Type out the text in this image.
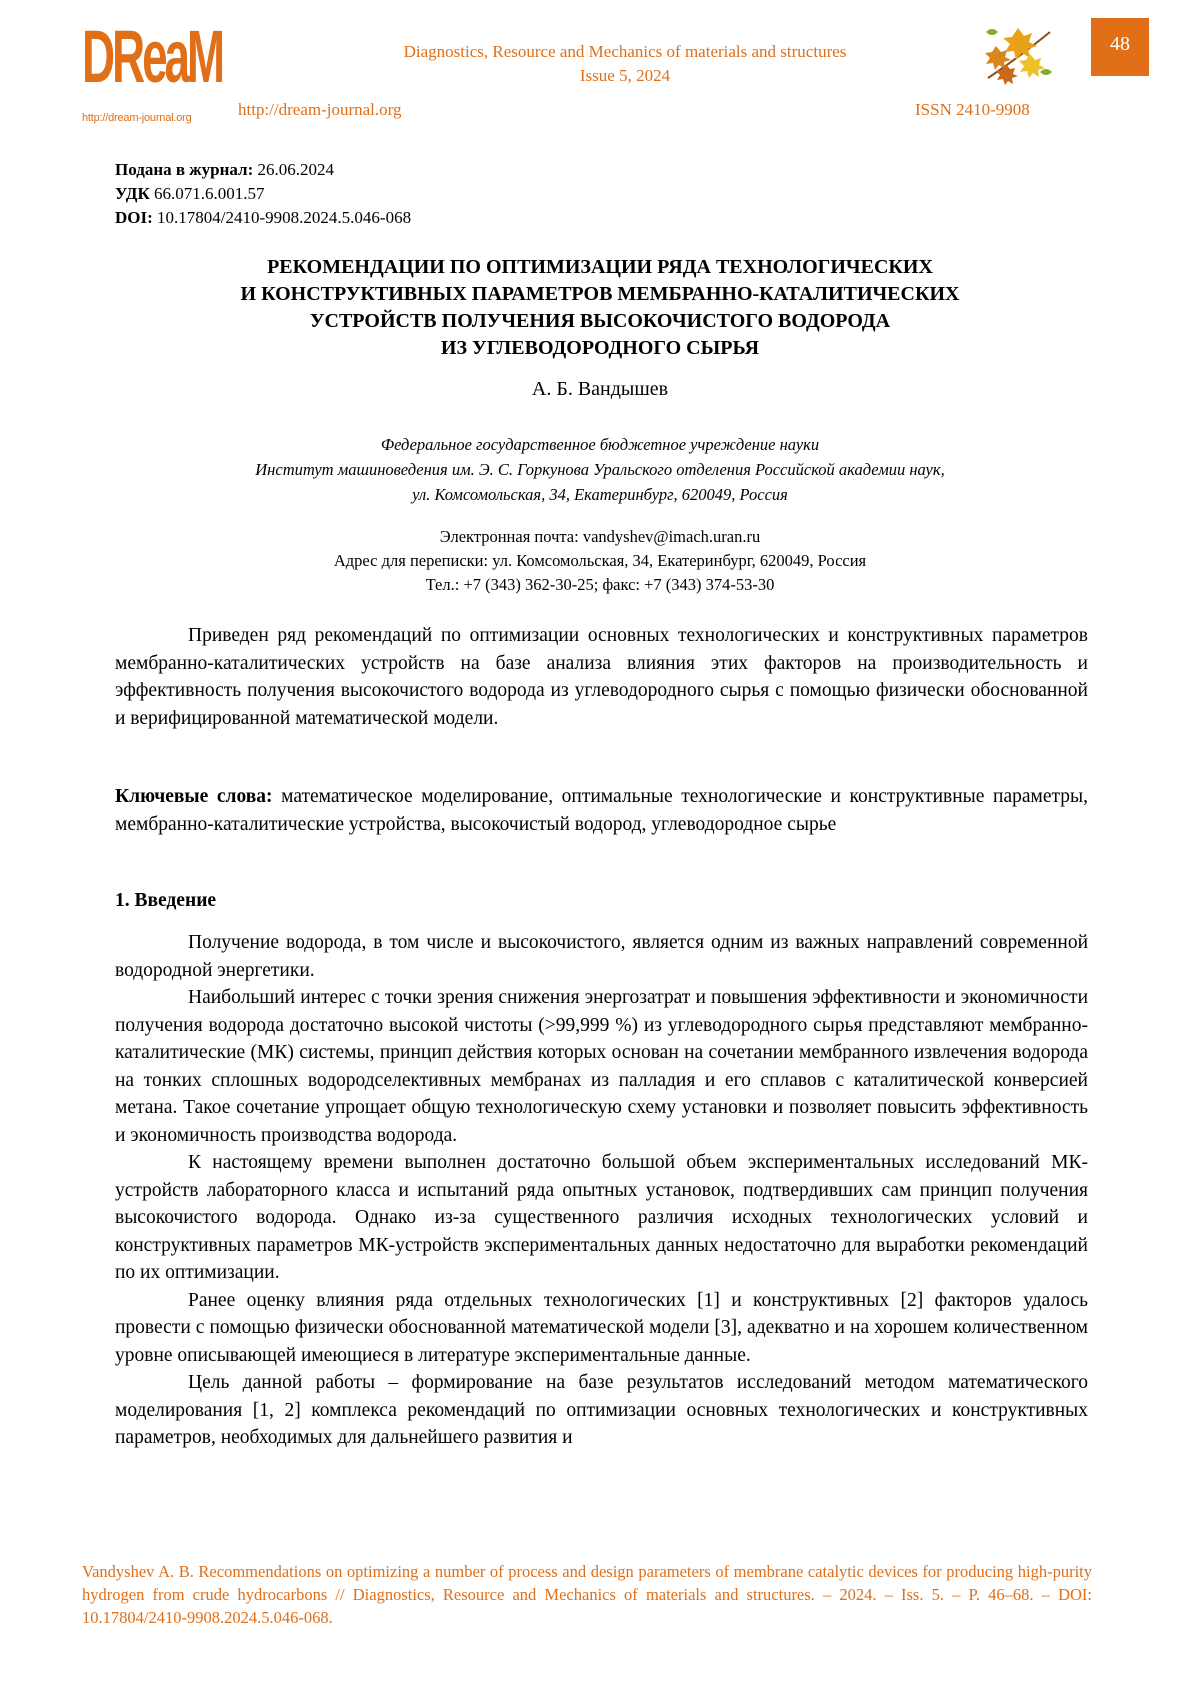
DReaM
http://dream-journal.org
Diagnostics, Resource and Mechanics of materials and structures
Issue 5, 2024
http://dream-journal.org	ISSN 2410-9908
48
Подана в журнал: 26.06.2024
УДК 66.071.6.001.57
DOI: 10.17804/2410-9908.2024.5.046-068
РЕКОМЕНДАЦИИ ПО ОПТИМИЗАЦИИ РЯДА ТЕХНОЛОГИЧЕСКИХ
И КОНСТРУКТИВНЫХ ПАРАМЕТРОВ МЕМБРАННО-КАТАЛИТИЧЕСКИХ
УСТРОЙСТВ ПОЛУЧЕНИЯ ВЫСОКОЧИСТОГО ВОДОРОДА
ИЗ УГЛЕВОДОРОДНОГО СЫРЬЯ
А. Б. Вандышев
Федеральное государственное бюджетное учреждение науки
Институт машиноведения им. Э. С. Горкунова Уральского отделения Российской академии наук,
ул. Комсомольская, 34, Екатеринбург, 620049, Россия
Электронная почта: vandyshev@imach.uran.ru
Адрес для переписки: ул. Комсомольская, 34, Екатеринбург, 620049, Россия
Тел.: +7 (343) 362-30-25; факс: +7 (343) 374-53-30

Приведен ряд рекомендаций по оптимизации основных технологических и конструктивных параметров мембранно-каталитических устройств на базе анализа влияния этих факторов на производительность и эффективность получения высокочистого водорода из углеводородного сырья с помощью физически обоснованной и верифицированной математической модели.

Ключевые слова: математическое моделирование, оптимальные технологические и конструктивные параметры, мембранно-каталитические устройства, высокочистый водород, углеводородное сырье
1. Введение

Получение водорода, в том числе и высокочистого, является одним из важных направлений современной водородной энергетики.

Наибольший интерес с точки зрения снижения энергозатрат и повышения эффективности и экономичности получения водорода достаточно высокой чистоты (>99,999 %) из углеводородного сырья представляют мембранно-каталитические (МК) системы, принцип действия которых основан на сочетании мембранного извлечения водорода на тонких сплошных водородселективных мембранах из палладия и его сплавов с каталитической конверсией метана. Такое сочетание упрощает общую технологическую схему установки и позволяет повысить эффективность и экономичность производства водорода.

К настоящему времени выполнен достаточно большой объем экспериментальных исследований МК-устройств лабораторного класса и испытаний ряда опытных установок, подтвердивших сам принцип получения высокочистого водорода. Однако из-за существенного различия исходных технологических условий и конструктивных параметров МК-устройств экспериментальных данных недостаточно для выработки рекомендаций по их оптимизации.

Ранее оценку влияния ряда отдельных технологических [1] и конструктивных [2] факторов удалось провести с помощью физически обоснованной математической модели [3], адекватно и на хорошем количественном уровне описывающей имеющиеся в литературе экспериментальные данные.

Цель данной работы – формирование на базе результатов исследований методом математического моделирования [1, 2] комплекса рекомендаций по оптимизации основных технологических и конструктивных параметров, необходимых для дальнейшего развития и

Vandyshev A. B. Recommendations on optimizing a number of process and design parameters of membrane catalytic devices for producing high-purity hydrogen from crude hydrocarbons // Diagnostics, Resource and Mechanics of materials and structures. – 2024. – Iss. 5. – P. 46–68. – DOI: 10.17804/2410-9908.2024.5.046-068.
